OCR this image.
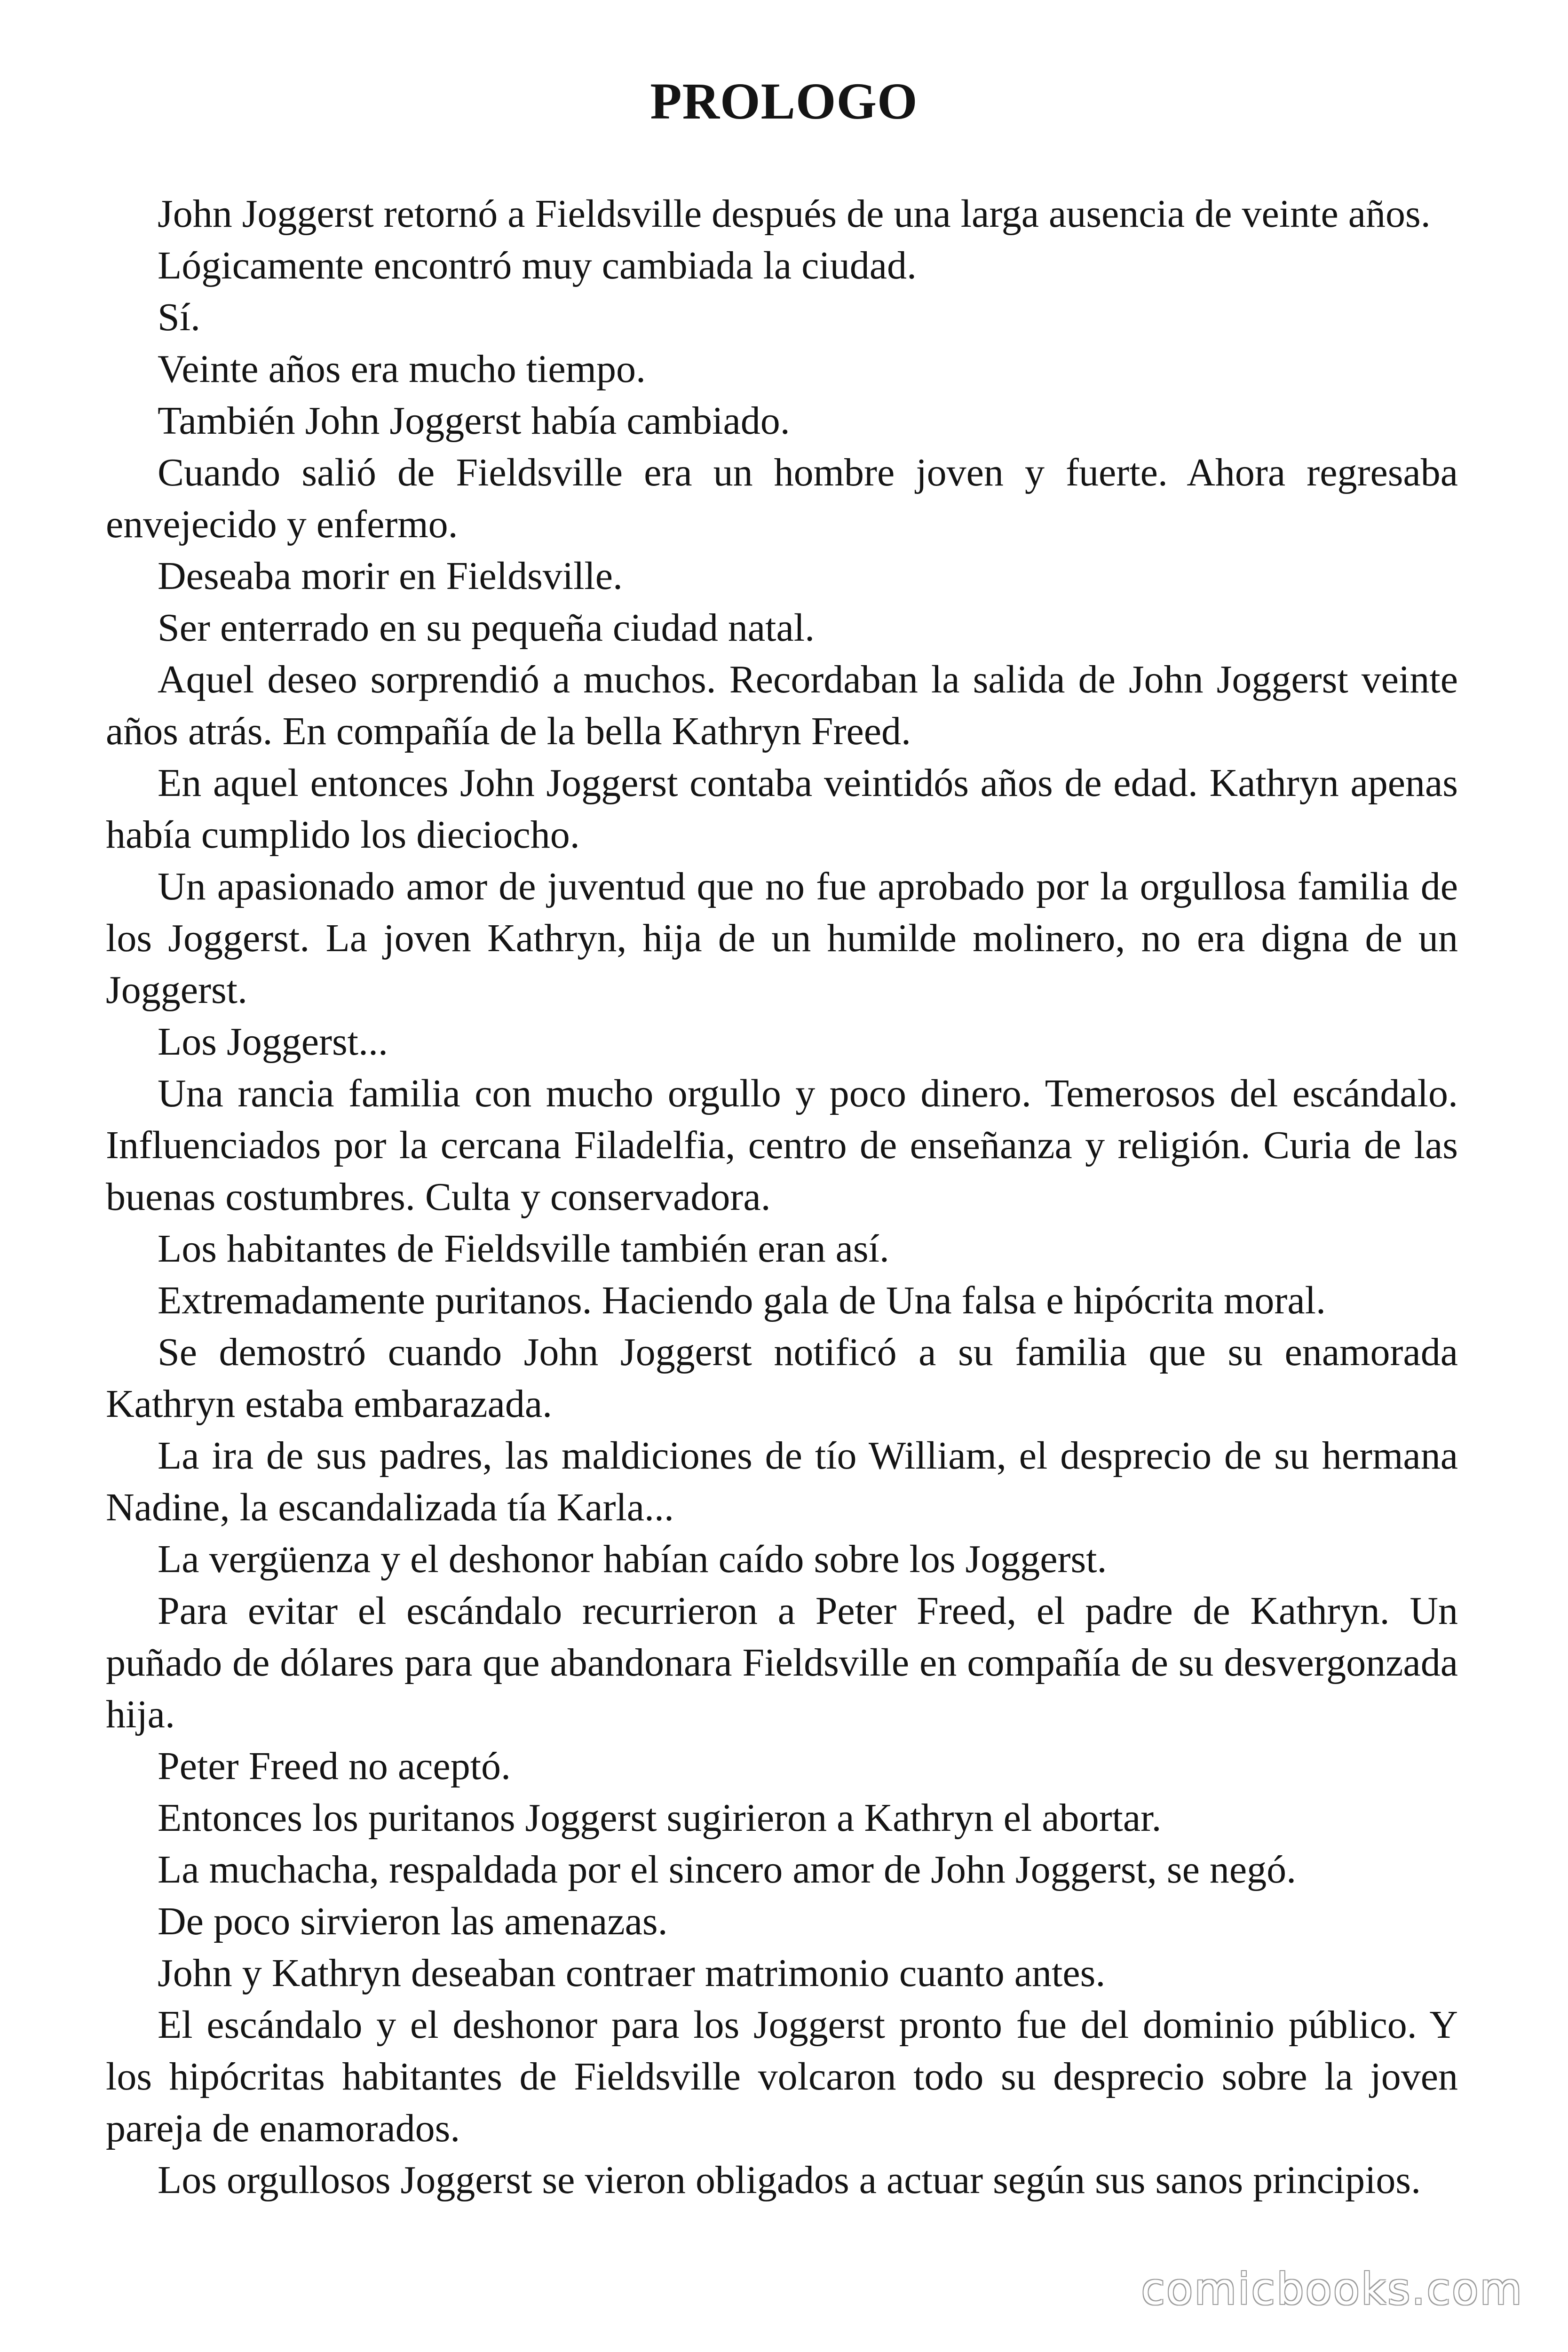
PROLOGO

John Joggerst retornó a Fieldsville después de una larga ausencia de veinte años.

Lógicamente encontró muy cambiada la ciudad.

Sí.

Veinte años era mucho tiempo.

También John Joggerst había cambiado.

Cuando salió de Fieldsville era un hombre joven y fuerte. Ahora regresaba envejecido y enfermo.

Deseaba morir en Fieldsville.

Ser enterrado en su pequeña ciudad natal.

Aquel deseo sorprendió a muchos. Recordaban la salida de John Joggerst veinte años atrás. En compañía de la bella Kathryn Freed.

En aquel entonces John Joggerst contaba veintidós años de edad. Kathryn apenas había cumplido los dieciocho.

Un apasionado amor de juventud que no fue aprobado por la orgullosa familia de los Joggerst. La joven Kathryn, hija de un humilde molinero, no era digna de un Joggerst.

Los Joggerst...

Una rancia familia con mucho orgullo y poco dinero. Temerosos del escándalo. Influenciados por la cercana Filadelfia, centro de enseñanza y religión. Curia de las buenas costumbres. Culta y conservadora.

Los habitantes de Fieldsville también eran así.

Extremadamente puritanos. Haciendo gala de Una falsa e hipócrita moral.

Se demostró cuando John Joggerst notificó a su familia que su enamorada Kathryn estaba embarazada.

La ira de sus padres, las maldiciones de tío William, el desprecio de su hermana Nadine, la escandalizada tía Karla...

La vergüenza y el deshonor habían caído sobre los Joggerst.

Para evitar el escándalo recurrieron a Peter Freed, el padre de Kathryn. Un puñado de dólares para que abandonara Fieldsville en compañía de su desvergonzada hija.

Peter Freed no aceptó.

Entonces los puritanos Joggerst sugirieron a Kathryn el abortar.

La muchacha, respaldada por el sincero amor de John Joggerst, se negó.

De poco sirvieron las amenazas.

John y Kathryn deseaban contraer matrimonio cuanto antes.

El escándalo y el deshonor para los Joggerst pronto fue del dominio público. Y los hipócritas habitantes de Fieldsville volcaron todo su desprecio sobre la joven pareja de enamorados.

Los orgullosos Joggerst se vieron obligados a actuar según sus sanos principios.

comicbooks.com
